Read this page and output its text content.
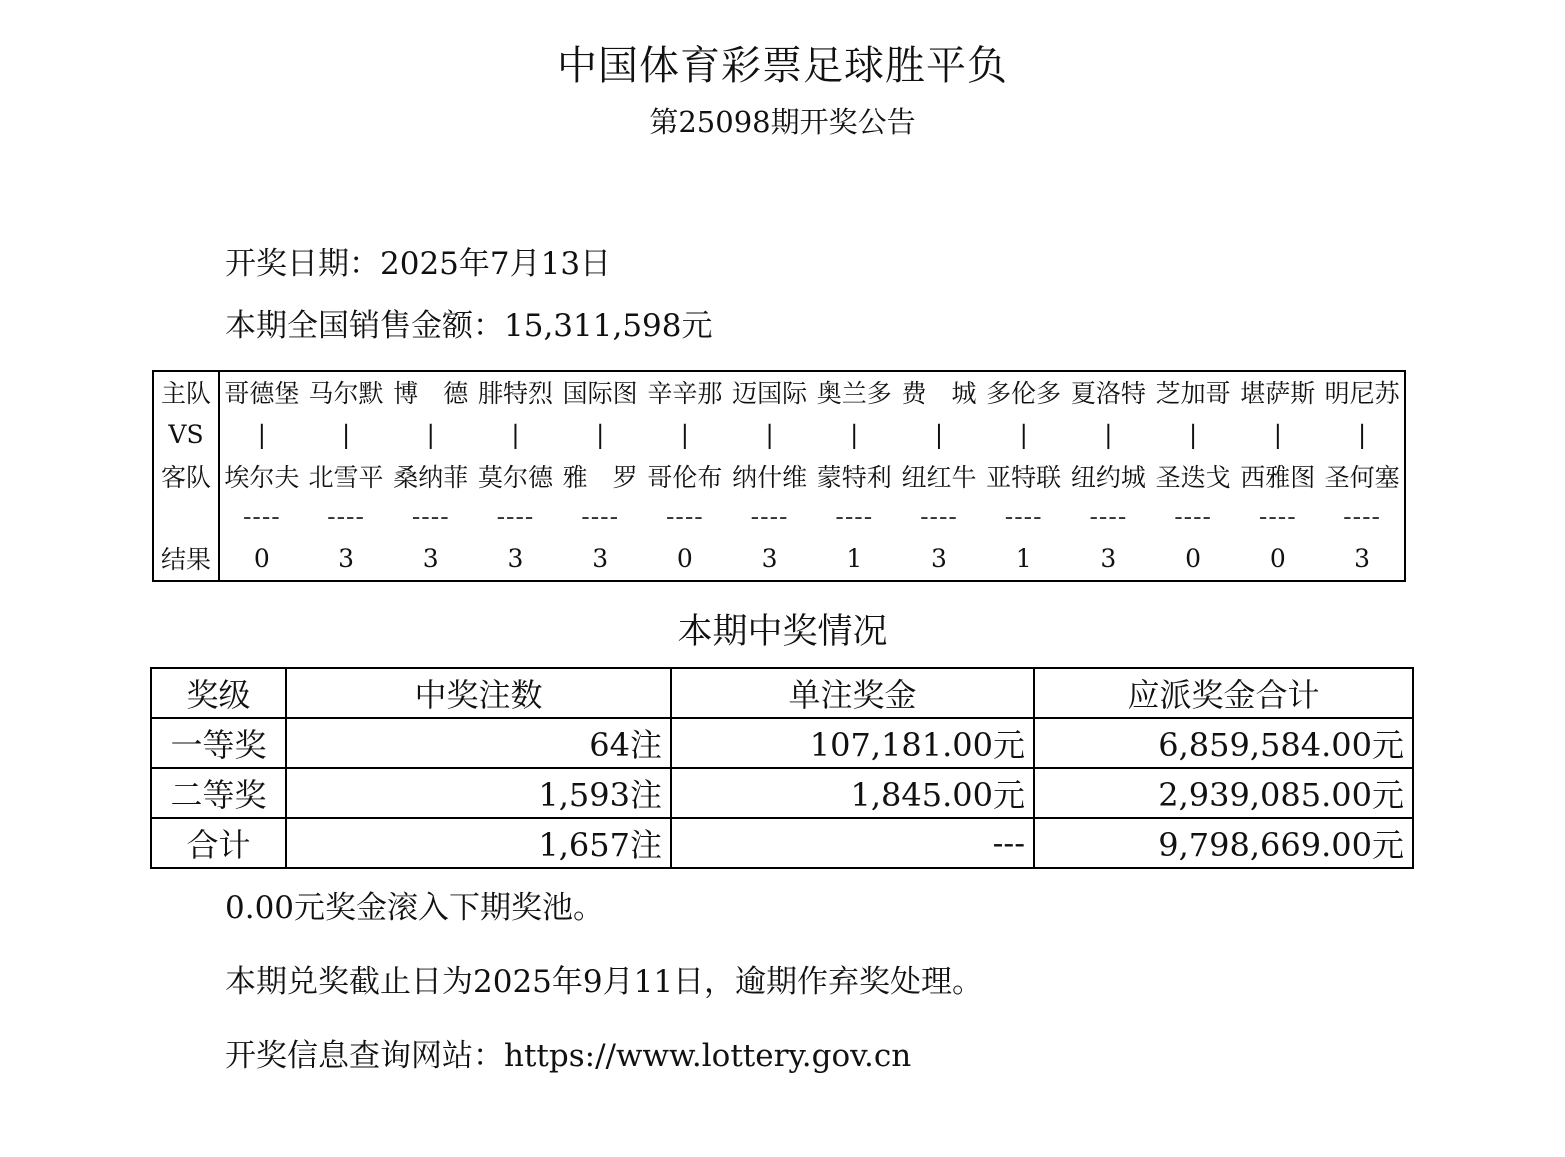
中国体育彩票足球胜平负
第25098期开奖公告
开奖日期：2025年7月13日
本期全国销售金额：15,311,598元
主队	哥德堡	马尔默	博　德	腓特烈	国际图	辛辛那	迈国际	奥兰多	费　城	多伦多	夏洛特	芝加哥	堪萨斯	明尼苏
VS	|	|	|	|	|	|	|	|	|	|	|	|	|	|
客队	埃尔夫	北雪平	桑纳菲	莫尔德	雅　罗	哥伦布	纳什维	蒙特利	纽红牛	亚特联	纽约城	圣迭戈	西雅图	圣何塞
	----	----	----	----	----	----	----	----	----	----	----	----	----	----
结果	0	3	3	3	3	0	3	1	3	1	3	0	0	3
本期中奖情况
奖级	中奖注数	单注奖金	应派奖金合计
一等奖	64注	107,181.00元	6,859,584.00元
二等奖	1,593注	1,845.00元	2,939,085.00元
合计	1,657注	---	9,798,669.00元
0.00元奖金滚入下期奖池。
本期兑奖截止日为2025年9月11日，逾期作弃奖处理。
开奖信息查询网站：https://www.lottery.gov.cn
